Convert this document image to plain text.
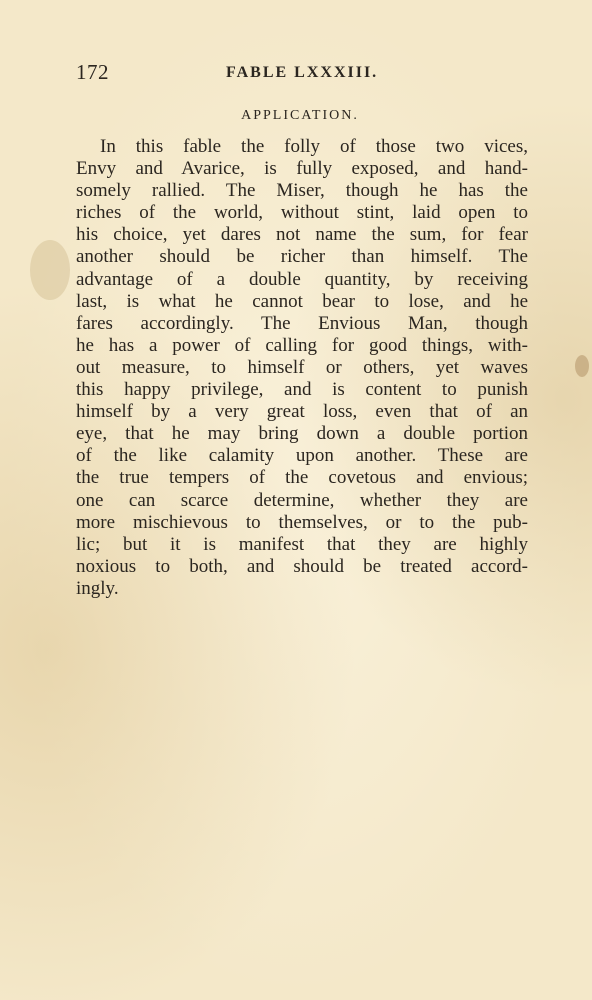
172	FABLE LXXXIII.
APPLICATION.
In this fable the folly of those two vices,
Envy and Avarice, is fully exposed, and hand-
somely rallied. The Miser, though he has the
riches of the world, without stint, laid open to
his choice, yet dares not name the sum, for fear
another should be richer than himself. The
advantage of a double quantity, by receiving
last, is what he cannot bear to lose, and he
fares accordingly. The Envious Man, though
he has a power of calling for good things, with-
out measure, to himself or others, yet waves
this happy privilege, and is content to punish
himself by a very great loss, even that of an
eye, that he may bring down a double portion
of the like calamity upon another. These are
the true tempers of the covetous and envious;
one can scarce determine, whether they are
more mischievous to themselves, or to the pub-
lic; but it is manifest that they are highly
noxious to both, and should be treated accord-
ingly.
